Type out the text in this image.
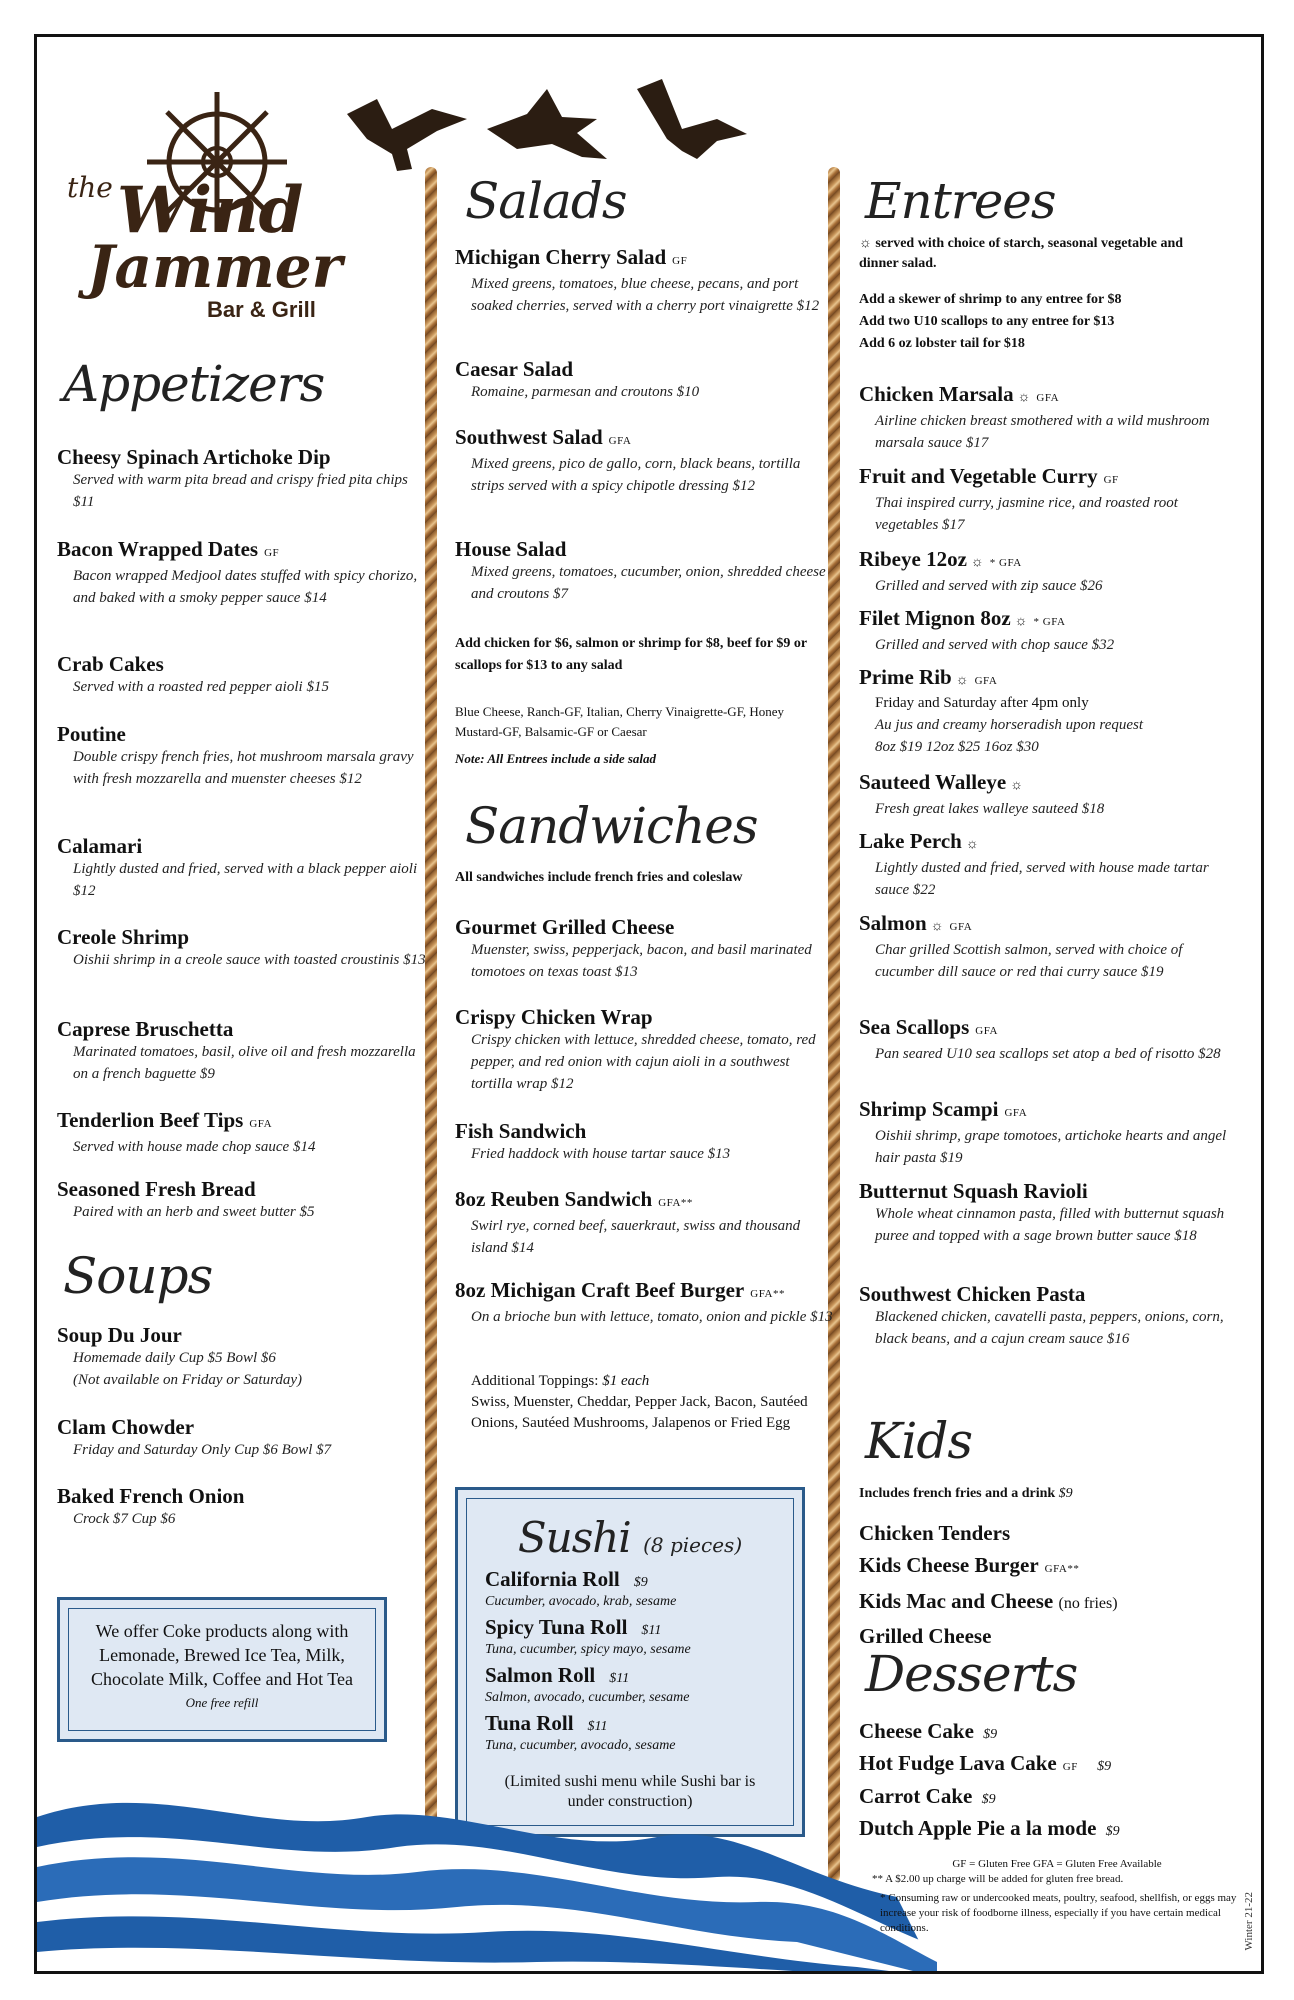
the Wind
Jammer
Bar & Grill
Appetizers
Cheesy Spinach Artichoke Dip
Served with warm pita bread and crispy fried pita chips $11
Bacon Wrapped Dates GF
Bacon wrapped Medjool dates stuffed with spicy chorizo, and baked with a smoky pepper sauce $14
Crab Cakes
Served with a roasted red pepper aioli $15
Poutine
Double crispy french fries, hot mushroom marsala gravy with fresh mozzarella and muenster cheeses $12
Calamari
Lightly dusted and fried, served with a black pepper aioli $12
Creole Shrimp
Oishii shrimp in a creole sauce with toasted croustinis $13
Caprese Bruschetta
Marinated tomatoes, basil, olive oil and fresh mozzarella on a french baguette $9
Tenderlion Beef Tips GFA
Served with house made chop sauce $14
Seasoned Fresh Bread
Paired with an herb and sweet butter $5
Soups
Soup Du Jour
Homemade daily Cup $5 Bowl $6
(Not available on Friday or Saturday)
Clam Chowder
Friday and Saturday Only Cup $6 Bowl $7
Baked French Onion
Crock $7 Cup $6
We offer Coke products along with Lemonade, Brewed Ice Tea, Milk, Chocolate Milk, Coffee and Hot Tea
One free refill
Salads
Michigan Cherry Salad GF
Mixed greens, tomatoes, blue cheese, pecans, and port soaked cherries, served with a cherry port vinaigrette $12
Caesar Salad
Romaine, parmesan and croutons $10
Southwest Salad GFA
Mixed greens, pico de gallo, corn, black beans, tortilla strips served with a spicy chipotle dressing $12
House Salad
Mixed greens, tomatoes, cucumber, onion, shredded cheese and croutons $7
Add chicken for $6, salmon or shrimp for $8, beef for $9 or scallops for $13 to any salad
Blue Cheese, Ranch-GF, Italian, Cherry Vinaigrette-GF, Honey Mustard-GF, Balsamic-GF or Caesar
Note: All Entrees include a side salad
Sandwiches
All sandwiches include french fries and coleslaw
Gourmet Grilled Cheese
Muenster, swiss, pepperjack, bacon, and basil marinated tomotoes on texas toast $13
Crispy Chicken Wrap
Crispy chicken with lettuce, shredded cheese, tomato, red pepper, and red onion with cajun aioli in a southwest tortilla wrap $12
Fish Sandwich
Fried haddock with house tartar sauce $13
8oz Reuben Sandwich GFA**
Swirl rye, corned beef, sauerkraut, swiss and thousand island $14
8oz Michigan Craft Beef Burger GFA**
On a brioche bun with lettuce, tomato, onion and pickle $13
Additional Toppings: $1 each
Swiss, Muenster, Cheddar, Pepper Jack, Bacon, Sautéed Onions, Sautéed Mushrooms, Jalapenos or Fried Egg
Sushi (8 pieces)
California Roll $9
Cucumber, avocado, krab, sesame
Spicy Tuna Roll $11
Tuna, cucumber, spicy mayo, sesame
Salmon Roll $11
Salmon, avocado, cucumber, sesame
Tuna Roll $11
Tuna, cucumber, avocado, sesame
(Limited sushi menu while Sushi bar is under construction)
Entrees
☼ served with choice of starch, seasonal vegetable and dinner salad.
Add a skewer of shrimp to any entree for $8
Add two U10 scallops to any entree for $13
Add 6 oz lobster tail for $18
Chicken Marsala ☼ GFA
Airline chicken breast smothered with a wild mushroom marsala sauce $17
Fruit and Vegetable Curry GF
Thai inspired curry, jasmine rice, and roasted root vegetables $17
Ribeye 12oz ☼ * GFA
Grilled and served with zip sauce $26
Filet Mignon 8oz ☼ * GFA
Grilled and served with chop sauce $32
Prime Rib ☼ GFA
Friday and Saturday after 4pm only
Au jus and creamy horseradish upon request
8oz $19 12oz $25 16oz $30
Sauteed Walleye ☼
Fresh great lakes walleye sauteed $18
Lake Perch ☼
Lightly dusted and fried, served with house made tartar sauce $22
Salmon ☼ GFA
Char grilled Scottish salmon, served with choice of cucumber dill sauce or red thai curry sauce $19
Sea Scallops GFA
Pan seared U10 sea scallops set atop a bed of risotto $28
Shrimp Scampi GFA
Oishii shrimp, grape tomotoes, artichoke hearts and angel hair pasta $19
Butternut Squash Ravioli
Whole wheat cinnamon pasta, filled with butternut squash puree and topped with a sage brown butter sauce $18
Southwest Chicken Pasta
Blackened chicken, cavatelli pasta, peppers, onions, corn, black beans, and a cajun cream sauce $16
Kids
Includes french fries and a drink $9
Chicken Tenders
Kids Cheese Burger GFA**
Kids Mac and Cheese (no fries)
Grilled Cheese
Desserts
Cheese Cake $9
Hot Fudge Lava Cake GF $9
Carrot Cake $9
Dutch Apple Pie a la mode $9
GF = Gluten Free GFA = Gluten Free Available
** A $2.00 up charge will be added for gluten free bread.
* Consuming raw or undercooked meats, poultry, seafood, shellfish, or eggs may increase your risk of foodborne illness, especially if you have certain medical conditions.	Winter 21-22
